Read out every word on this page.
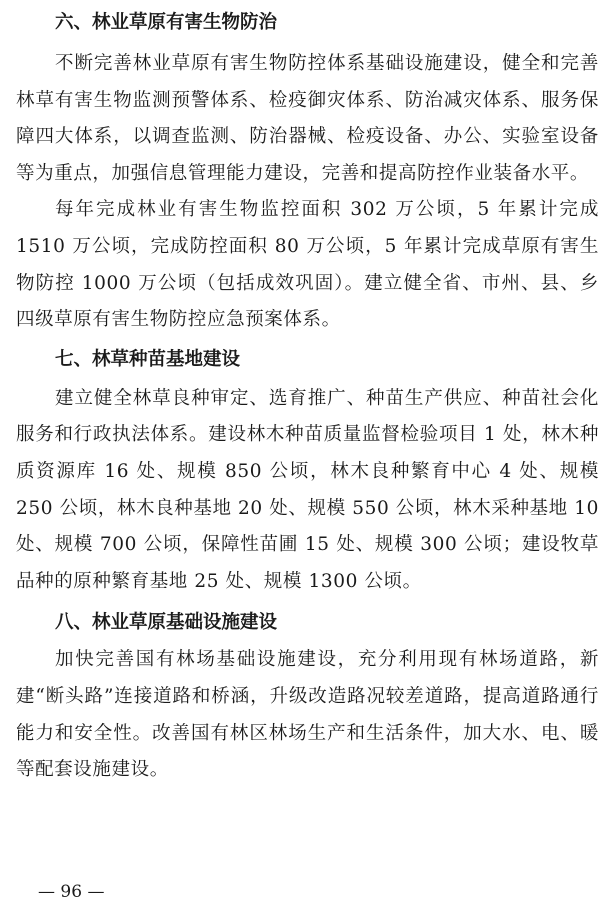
六、林业草原有害生物防治

不断完善林业草原有害生物防控体系基础设施建设，健全和完善林草有害生物监测预警体系、检疫御灾体系、防治减灾体系、服务保障四大体系，以调查监测、防治器械、检疫设备、办公、实验室设备等为重点，加强信息管理能力建设，完善和提高防控作业装备水平。

每年完成林业有害生物监控面积 302 万公顷，5 年累计完成 1510 万公顷，完成防控面积 80 万公顷，5 年累计完成草原有害生物防控 1000 万公顷（包括成效巩固）。建立健全省、市州、县、乡四级草原有害生物防控应急预案体系。

七、林草种苗基地建设

建立健全林草良种审定、选育推广、种苗生产供应、种苗社会化服务和行政执法体系。建设林木种苗质量监督检验项目 1 处，林木种质资源库 16 处、规模 850 公顷，林木良种繁育中心 4 处、规模 250 公顷，林木良种基地 20 处、规模 550 公顷，林木采种基地 10 处、规模 700 公顷，保障性苗圃 15 处、规模 300 公顷；建设牧草品种的原种繁育基地 25 处、规模 1300 公顷。

八、林业草原基础设施建设

加快完善国有林场基础设施建设，充分利用现有林场道路，新建“断头路”连接道路和桥涵，升级改造路况较差道路，提高道路通行能力和安全性。改善国有林区林场生产和生活条件，加大水、电、暖等配套设施建设。

— 96 —
